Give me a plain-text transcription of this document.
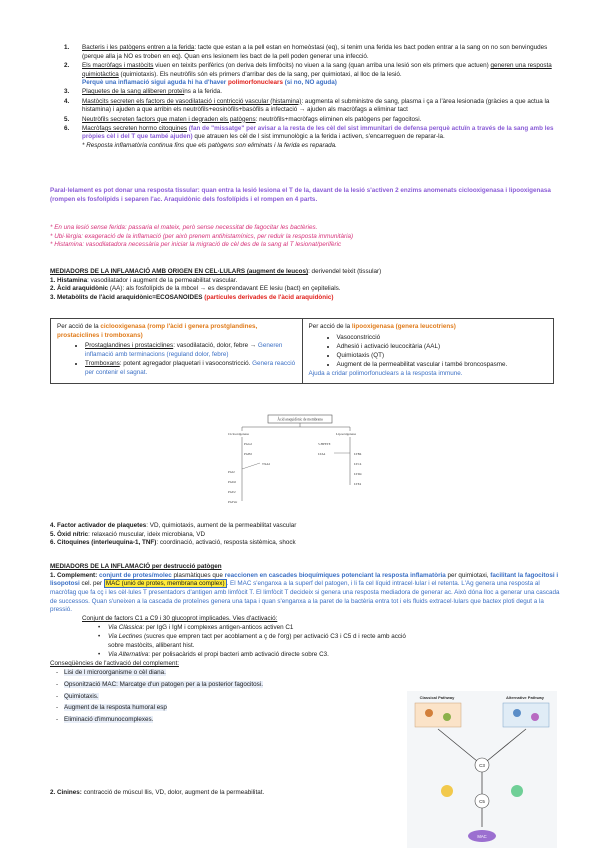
1. Bacteris i les patògens entren a la ferida: tacte que estan a la pell estan en homeòstasi (eq), si tenim una ferida les bact poden entrar a la sang on no son benvingudes (perque alla ja NO es troben en eq). Quan ens lesionem les bact de la pell poden generar una infecció.
2. Els macròfags i mastòcits viuen en teixits perifèrics (on deriva dels limfòcits) no viuen a la sang (quan arriba una lesió son els primers que actuen) generen una resposta quimiotàctica (quimiotaxis). Els neutròfils són els primers d'arribar des de la sang, per quimiotaxi, al lloc de la lesió.
Perquè una inflamació sigui aguda hi ha d'haver polimorfonuclears (si no, NO aguda)
3. Plaquetes de la sang alliberen proteïns a la ferida.
4. Mastòcits secreten els factors de vasodilatació i contricció vascular (histamina): augmenta el subministre de sang, plasma i ça a l'àrea lesionada (gràcies a que actua la histamina) i ajuden a que arribin els neutròfils+eosinòfils+basòfils a infectació → ajuden als macròfags a eliminar tact
5. Neutròfils secreten factors que maten i degraden els patògens: neutròfils+macròfags eliminen els patògens per fagocitosi.
6. Macròfags secreten hormo citoquines (fan de "missatge" per avisar a la resta de les cèl del sist immunitari de defensa perquè actuïn a través de la sang amb les pròpies cèl i del T que també ajuden) que atrauen les cèl de l sist immunològic a la ferida i activen, s'encarreguen de reparar-la.
* Resposta inflamatòria continua fins que els patògens son eliminats i la ferida es reparada.
Paral·lelament es pot donar una resposta tissular: quan entra la lesió lesiona el T de la, davant de la lesió s'activen 2 enzims anomenats ciclooxigenasa i lipooxigenasa (rompen els fosfolípids i separen l'ac. Araquidònic dels fosfolípids i el rompen en 4 parts.
* En una lesió sense ferida: passaria el mateix, però sense necessitat de fagocitar les bactèries.
* Ubi·lèrgia: exageració de la inflamació (per això prenem antihistamínics, per reduir la resposta immunitària)
* Histamina: vasodilatadora necessària per iniciar la migració de cèl des de la sang al T lesionat/perifèric
MEDIADORS DE LA INFLAMACIÓ AMB ORIGEN EN CEL·LULARS (augment de leucos): derivendel teixit (tissular)
1. Histamina: vasodilatador i augment de la permeabilitat vascular.
2. Àcid araquidònic (AA): als fosfolípids de la mbcel → es desprendavant EE lesiu (bact) en çepitelials.
3. Metabòlits de l'àcid araquidònic=ECOSANOIDES (partícules derivades de l'àcid araquidònic)
Per acció de la ciclooxigenasa (romp l'àcid i genera prostglandines, prostaciclines i tromboxans)
• Prostaglandines i prostaciclines: vasodilatació, dolor, febre → Generen inflamació amb terminacions (reguland dolor, febre)
• Tromboxans: potent agregador plaquetari i vasoconstricció. Genera reacció per contenir el sagnat.

Per acció de la lipooxigenasa (genera leucotriens)
• Vasoconstricció
• Adhesió i activació leucocitària (AAL)
• Quimiotaxis (QT)
• Augment de la permeabilitat vascular i també broncospasme.
Ajuda a cridar polimorfonuclears a la resposta immune.
Àcid araquidònic de membrana
Ciclooxigenasa	Lipooxigenasa
PGG2
PGH2
TXA2
PGI2
PGD2
PGE2
PGF2α
5-HPETE
LTA4	LTB4
LTC4
LTD4
LTE4
4. Factor activador de plaquetes: VD, quimiotaxis, aument de la permeabilitat vascular
5. Òxid nítric: relaxació muscular, ideix microbiana, VD
6. Citoquines (interleuquina-1, TNF): coordinació, activació, resposta sistèmica, shock
MEDIADORS DE LA INFLAMACIÓ per destrucció patògen
1. Complement: conjunt de protes/molec plasmàtiques que reaccionen en cascades bioquímiques potenciant la resposta inflamatòria per quimiotaxi, facilitant la fagocitosi i lisopotosi cel. per MAC (unió de protes, membrana complex) . El MAC s'enganxa a la superf del patogen, i li fa cel líquid intracel·lular i el retenta. L'Ag genera una resposta al macròfag que fa cç i les cèl·lules T presentadors d'antigen amb limfòcit T. El limfòcit T decideix si genera una resposta mediadora de generar ac. Això dóna lloc a generar una cascada de successos. Quan s'uneixen a la cascada de proteïnes genera una tapa i quan s'enganxa a la paret de la bactèria entra tot i els fluids extracel·lulars que bactex ploti degut a la pressió.
Conjunt de factors C1 a C9 i 30 glucoprot implicades. Vies d'activació:
• Via Clàssica: per IgG i IgM i complexes antigen-anticos activen C1
• Via Lectines (sucres que empren tact per acoblament a ç de l'org) per activació C3 i C5 d i recte amb acció sobre mastòcits, alliberant hist.
• Via Alternativa: per polisacàrids el propi bacteri amb activació directe sobre C3.
Conseqüències de l'activació del complement:
- Lisi de l microorganisme o cèl diana.
- Opsonització MAC: Marcatge d'un patogen per a la posterior fagocitosi.
- Quimiotaxis.
- Augment de la resposta humoral esp
- Eliminació d'immunocomplexes.
2. Cinines: contracció de múscul llis, VD, dolor, augment de la permeabilitat.
Classical Pathway	Alternative Pathway
C3
C5
MAC
